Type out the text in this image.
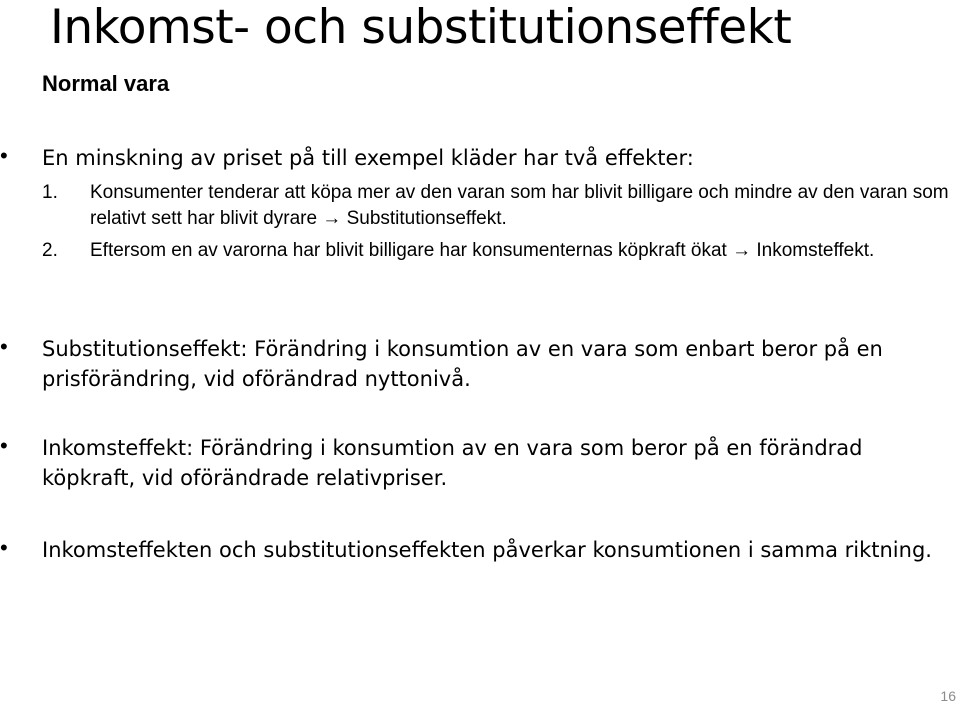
Inkomst- och substitutionseffekt
Normal vara
• En minskning av priset på till exempel kläder har två effekter:
1. Konsumenter tenderar att köpa mer av den varan som har blivit billigare och mindre av den varan som relativt sett har blivit dyrare → Substitutionseffekt.
2. Eftersom en av varorna har blivit billigare har konsumenternas köpkraft ökat → Inkomsteffekt.
• Substitutionseffekt: Förändring i konsumtion av en vara som enbart beror på en prisförändring, vid oförändrad nyttonivå.
• Inkomsteffekt: Förändring i konsumtion av en vara som beror på en förändrad köpkraft, vid oförändrade relativpriser.
• Inkomsteffekten och substitutionseffekten påverkar konsumtionen i samma riktning.
16
